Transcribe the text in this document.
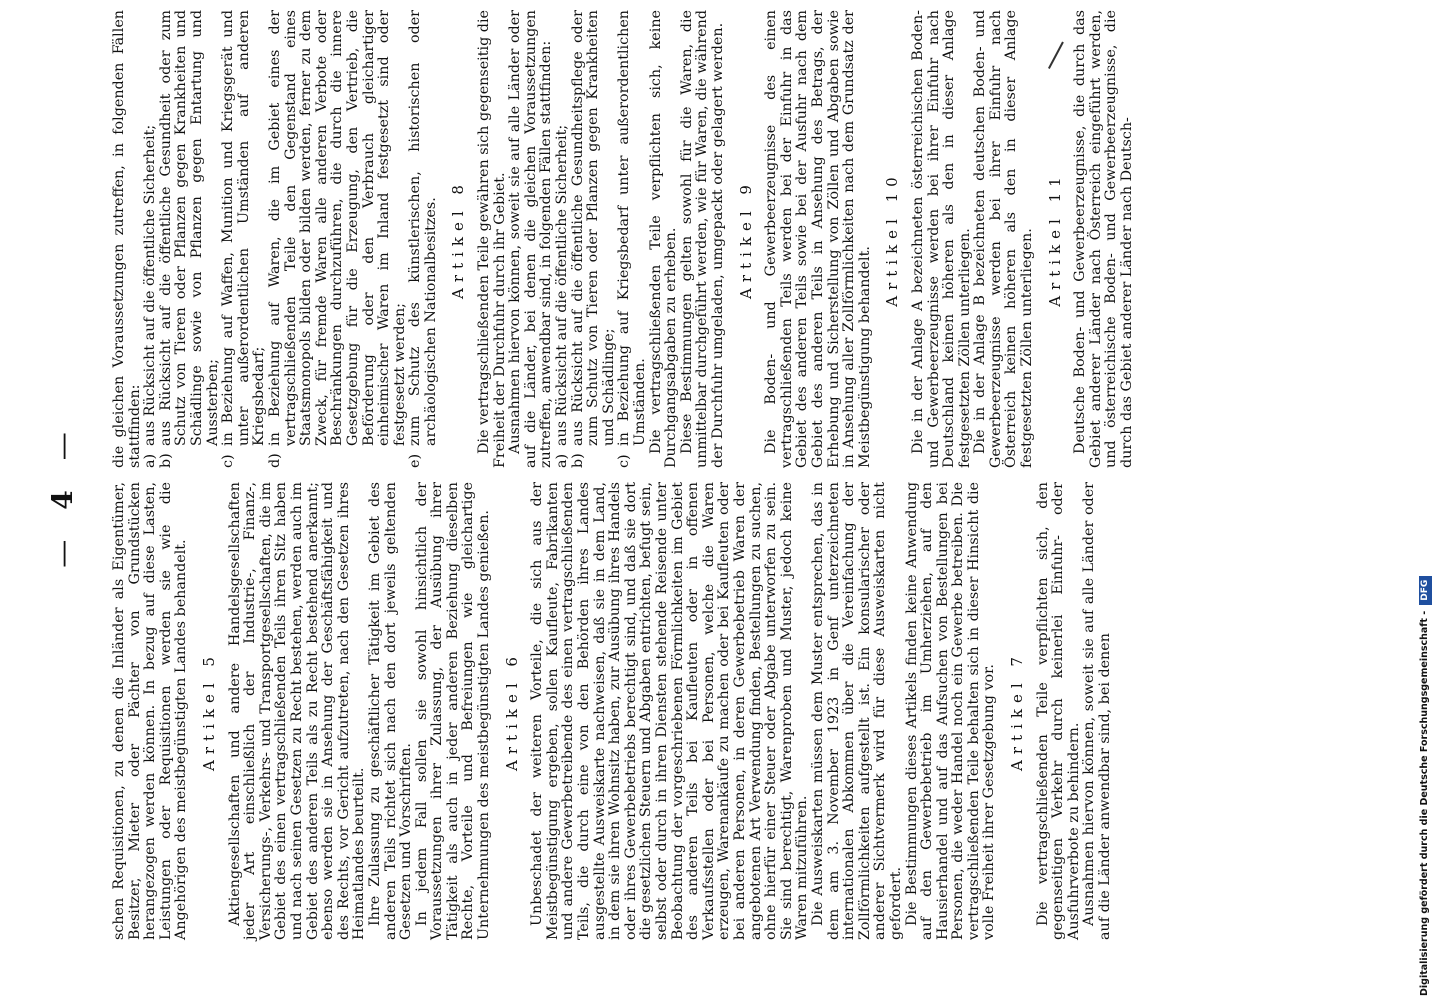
—4—

schen Requisitionen, zu denen die Inländer als Eigentümer, Besitzer, Mieter oder Pächter von Grundstücken herangezogen werden können. In bezug auf diese Lasten, Leistungen oder Requisitionen werden sie wie die Angehörigen des meistbegünstigten Landes behandelt. Artikel 5 Aktiengesellschaften und andere Handelsgesellschaften jeder Art einschließlich der Industrie-, Finanz-, Versicherungs-, Verkehrs- und Transportgesellschaften, die im Gebiet des einen vertragschließenden Teils ihren Sitz haben und nach seinen Gesetzen zu Recht bestehen, werden auch im Gebiet des anderen Teils als zu Recht bestehend anerkannt; ebenso werden sie in Ansehung der Geschäftsfähigkeit und des Rechts, vor Gericht aufzutreten, nach den Gesetzen ihres Heimatlandes beurteilt. Ihre Zulassung zu geschäftlicher Tätigkeit im Gebiet des anderen Teils richtet sich nach den dort jeweils geltenden Gesetzen und Vorschriften. In jedem Fall sollen sie sowohl hinsichtlich der Voraussetzungen ihrer Zulassung, der Ausübung ihrer Tätigkeit als auch in jeder anderen Beziehung dieselben Rechte, Vorteile und Befreiungen wie gleichartige Unternehmungen des meistbegünstigten Landes genießen. Artikel 6 Unbeschadet der weiteren Vorteile, die sich aus der Meistbegünstigung ergeben, sollen Kaufleute, Fabrikanten und andere Gewerbetreibende des einen vertragschließenden Teils, die durch eine von den Behörden ihres Landes ausgestellte Ausweiskarte nachweisen, daß sie in dem Land, in dem sie ihren Wohnsitz haben, zur Ausübung ihres Handels oder ihres Gewerbebetriebs berechtigt sind, und daß sie dort die gesetzlichen Steuern und Abgaben entrichten, befugt sein, selbst oder durch in ihren Diensten stehende Reisende unter Beobachtung der vorgeschriebenen Förmlichkeiten im Gebiet des anderen Teils bei Kaufleuten oder in offenen Verkaufsstellen oder bei Personen, welche die Waren erzeugen, Warenankäufe zu machen oder bei Kaufleuten oder bei anderen Personen, in deren Gewerbebetrieb Waren der angebotenen Art Verwendung finden, Bestellungen zu suchen, ohne hierfür einer Steuer oder Abgabe unterworfen zu sein. Sie sind berechtigt, Warenproben und Muster, jedoch keine Waren mitzuführen. Die Ausweiskarten müssen dem Muster entsprechen, das in dem am 3. November 1923 in Genf unterzeichneten internationalen Abkommen über die Vereinfachung der Zollförmlichkeiten aufgestellt ist. Ein konsularischer oder anderer Sichtvermerk wird für diese Ausweiskarten nicht gefordert. Die Bestimmungen dieses Artikels finden keine Anwendung auf den Gewerbebetrieb im Umherziehen, auf den Hausierhandel und auf das Aufsuchen von Bestellungen bei Personen, die weder Handel noch ein Gewerbe betreiben. Die vertragschließenden Teile behalten sich in dieser Hinsicht die volle Freiheit ihrer Gesetzgebung vor. Artikel 7 Die vertragschließenden Teile verpflichten sich, den gegenseitigen Verkehr durch keinerlei Einfuhr- oder Ausfuhrverbote zu behindern. Ausnahmen hiervon können, soweit sie auf alle Länder oder auf die Länder anwendbar sind, bei denen

die gleichen Voraussetzungen zutreffen, in folgenden Fällen stattfinden: a)
aus Rücksicht auf die öffentliche Sicherheit;
b)
aus Rücksicht auf die öffentliche Gesundheit oder zum Schutz von Tieren oder Pflanzen gegen Krankheiten und Schädlinge sowie von Pflanzen gegen Entartung und Aussterben;
c)
in Beziehung auf Waffen, Munition und Kriegsgerät und unter außerordentlichen Umständen auf anderen Kriegsbedarf;
d)
in Beziehung auf Waren, die im Gebiet eines der vertragschließenden Teile den Gegenstand eines Staatsmonopols bilden oder bilden werden, ferner zu dem Zweck, für fremde Waren alle anderen Verbote oder Beschränkungen durchzuführen, die durch die innere Gesetzgebung für die Erzeugung, den Vertrieb, die Beförderung oder den Verbrauch gleichartiger einheimischer Waren im Inland festgesetzt sind oder festgesetzt werden;
e)
zum Schutz des künstlerischen, historischen oder archäologischen Nationalbesitzes. Artikel 8 Die vertragschließenden Teile gewähren sich gegenseitig die Freiheit der Durchfuhr durch ihr Gebiet. Ausnahmen hiervon können, soweit sie auf alle Länder oder auf die Länder, bei denen die gleichen Voraussetzungen zutreffen, anwendbar sind, in folgenden Fällen stattfinden: a)
aus Rücksicht auf die öffentliche Sicherheit;
b)
aus Rücksicht auf die öffentliche Gesundheitspflege oder zum Schutz von Tieren oder Pflanzen gegen Krankheiten und Schädlinge;
c)
in Beziehung auf Kriegsbedarf unter außerordentlichen Umständen. Die vertragschließenden Teile verpflichten sich, keine Durchgangsabgaben zu erheben. Diese Bestimmungen gelten sowohl für die Waren, die unmittelbar durchgeführt werden, wie für Waren, die während der Durchfuhr umgeladen, umgepackt oder gelagert werden. Artikel 9 Die Boden- und Gewerbeerzeugnisse des einen vertragschließenden Teils werden bei der Einfuhr in das Gebiet des anderen Teils sowie bei der Ausfuhr nach dem Gebiet des anderen Teils in Ansehung des Betrags, der Erhebung und Sicherstellung von Zöllen und Abgaben sowie in Ansehung aller Zollförmlichkeiten nach dem Grundsatz der Meistbegünstigung behandelt.

Artikel 10 Die in der Anlage A bezeichneten österreichischen Boden- und Gewerbeerzeugnisse werden bei ihrer Einfuhr nach Deutschland keinen höheren als den in dieser Anlage festgesetzten Zöllen unterliegen. Die in der Anlage B bezeichneten deutschen Boden- und Gewerbeerzeugnisse werden bei ihrer Einfuhr nach Österreich keinen höheren als den in dieser Anlage festgesetzten Zöllen unterliegen. Artikel 11 Deutsche Boden- und Gewerbeerzeugnisse, die durch das Gebiet anderer Länder nach Österreich eingeführt werden, und österreichische Boden- und Gewerbeerzeugnisse, die durch das Gebiet anderer Länder nach Deutsch-

Digitalisierung gefördert durch die Deutsche Forschungsgemeinschaft -
DFG
